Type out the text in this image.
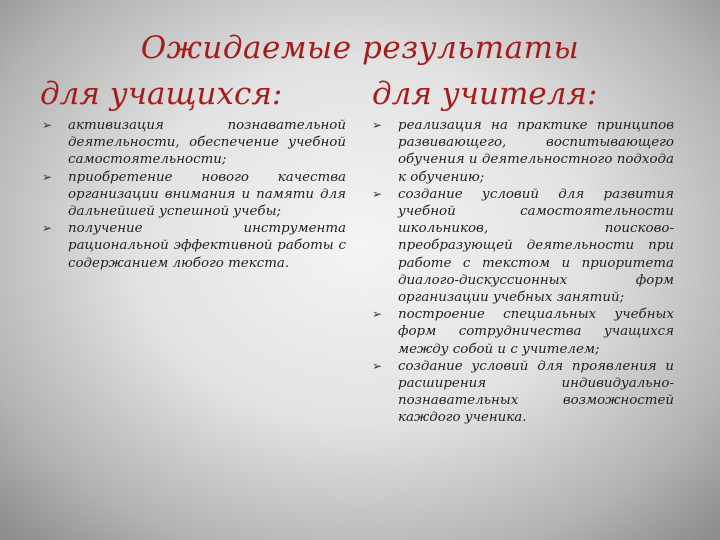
Ожидаемые результаты
для учащихся:	для учителя:
➢ активизация познавательной деятельности, обеспечение учебной самостоятельности;
➢ приобретение нового качества организации внимания и памяти для дальнейшей успешной учебы;
➢ получение инструмента рациональной эффективной работы с содержанием любого текста.
➢ реализация на практике принципов развивающего, воспитывающего обучения и деятельностного подхода к обучению;
➢ создание условий для развития учебной самостоятельности школьников, поисково-преобразующей деятельности при работе с текстом и приоритета диалого-дискуссионных форм организации учебных занятий;
➢ построение специальных учебных форм сотрудничества учащихся между собой и с учителем;
➢ создание условий для проявления и расширения индивидуально-познавательных возможностей каждого ученика.
